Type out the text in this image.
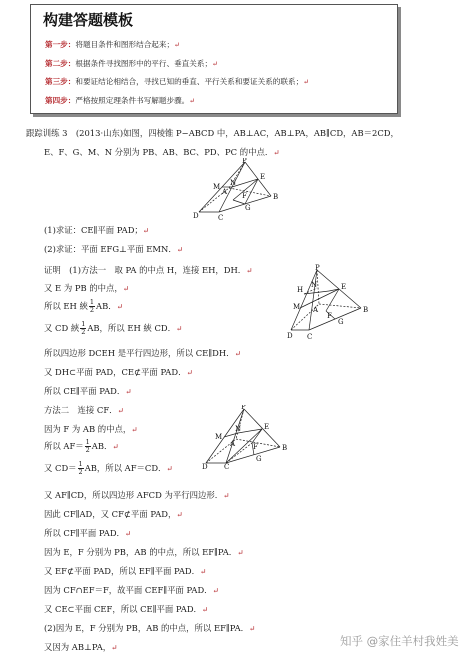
构建答题模板
第一步：将题目条件和图形结合起来；↵
第二步：根据条件寻找图形中的平行、垂直关系；↵
第三步：和要证结论相结合，寻找已知的垂直、平行关系和要证关系的联系；↵
第四步：严格按照定理条件书写解题步骤。↵
跟踪训练 3　(2013·山东)如图，四棱锥 P−ABCD 中，AB⊥AC，AB⊥PA，AB∥CD，AB＝2CD，
E、F、G、M、N 分别为 PB、AB、BC、PD、PC 的中点．↵
P
M N
E
A F
G
D	C
B
(1)求证：CE∥平面 PAD；↵
(2)求证：平面 EFG⊥平面 EMN．↵
证明　(1)方法一　取 PA 的中点 H，连接 EH，DH．↵
又 E 为 PB 的中点，↵
所以 EH 綊 $\frac{1}{2}$ AB．↵
又 CD 綊 $\frac{1}{2}$ AB，所以 EH 綊 CD．↵
P
H
N	E
M A
F
G
D C
B
所以四边形 DCEH 是平行四边形，所以 CE∥DH．↵
又 DH⊂平面 PAD，CE⊄平面 PAD．↵
所以 CE∥平面 PAD．↵
方法二　连接 CF．↵
因为 F 为 AB 的中点，↵
所以 $AF= \frac{1}{2}$ AB．↵
又 $CD= \frac{1}{2}$ AB，所以 AF＝CD．↵
P
M
N	E
A	F
G
D C
B
又 AF∥CD，所以四边形 AFCD 为平行四边形．↵
因此 CF∥AD，又 CF⊄平面 PAD，↵
所以 CF∥平面 PAD．↵
因为 E，F 分别为 PB，AB 的中点，所以 EF∥PA．↵
又 EF⊄平面 PAD，所以 EF∥平面 PAD．↵
因为 CF∩EF＝F，故平面 CEF∥平面 PAD．↵
又 CE⊂平面 CEF，所以 CE∥平面 PAD．↵
(2)因为 E，F 分别为 PB，AB 的中点，所以 EF∥PA．↵
又因为 AB⊥PA，↵	知乎 @家住羊村我姓美
